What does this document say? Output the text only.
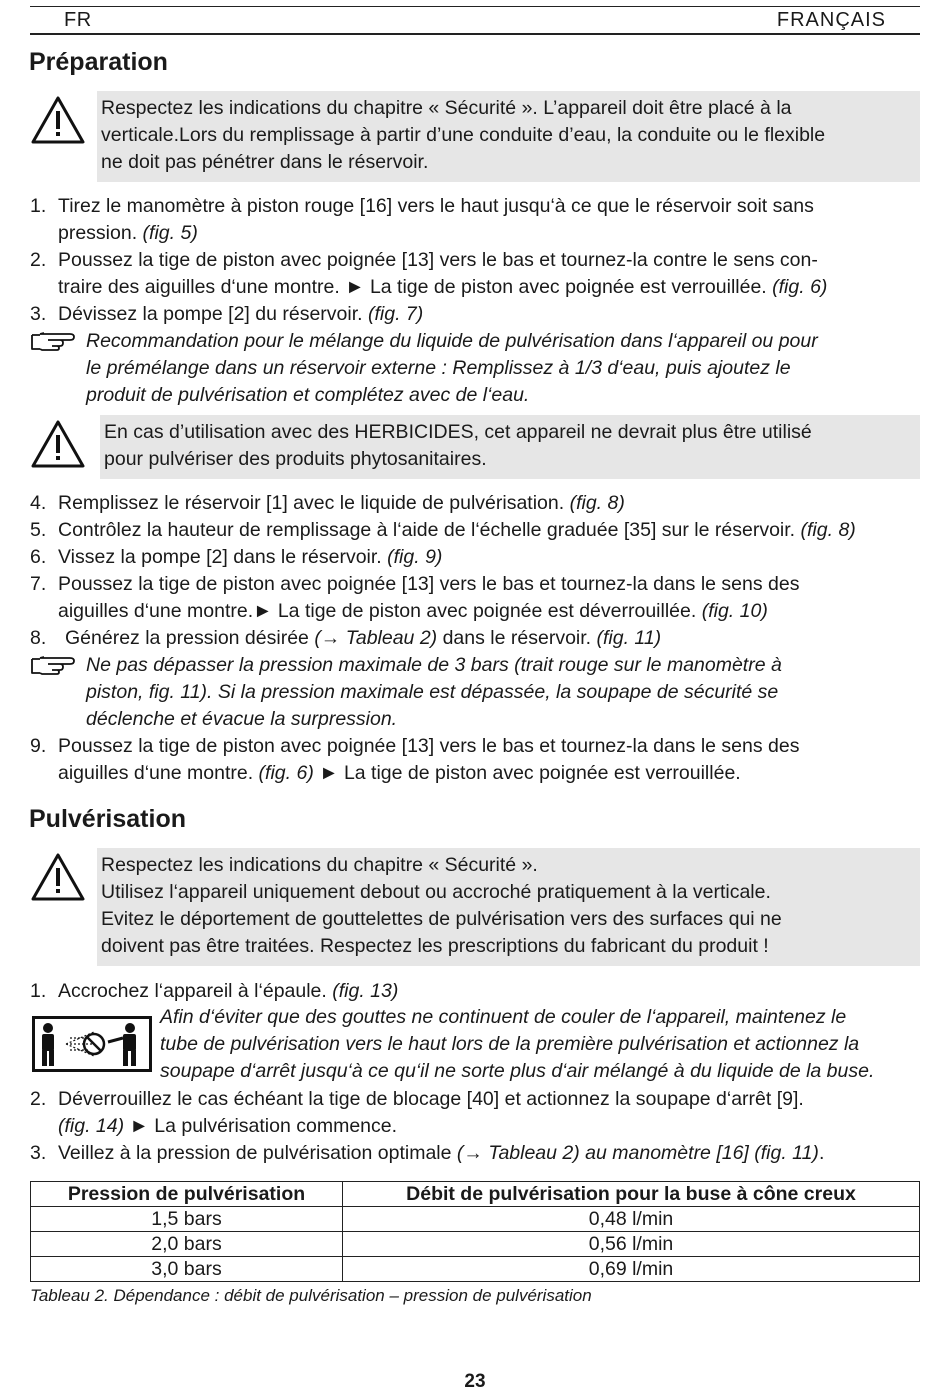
FR	FRANÇAIS
Préparation
Respectez les indications du chapitre « Sécurité ». L’appareil doit être placé à la
verticale.Lors du remplissage à partir d’une conduite d’eau, la conduite ou le flexible
ne doit pas pénétrer dans le réservoir.
1. Tirez le manomètre à piston rouge [16] vers le haut jusqu‘à ce que le réservoir soit sans
pression. (fig. 5)
2. Poussez la tige de piston avec poignée [13] vers le bas et tournez-la contre le sens con-
traire des aiguilles d‘une montre. ► La tige de piston avec poignée est verrouillée. (fig. 6)
3. Dévissez la pompe [2] du réservoir. (fig. 7)
Recommandation pour le mélange du liquide de pulvérisation dans l‘appareil ou pour
le prémélange dans un réservoir externe : Remplissez à 1/3 d‘eau, puis ajoutez le
produit de pulvérisation et complétez avec de l‘eau.
En cas d’utilisation avec des HERBICIDES, cet appareil ne devrait plus être utilisé
pour pulvériser des produits phytosanitaires.
4. Remplissez le réservoir [1] avec le liquide de pulvérisation. (fig. 8)
5. Contrôlez la hauteur de remplissage à l‘aide de l‘échelle graduée [35] sur le réservoir. (fig. 8)
6. Vissez la pompe [2] dans le réservoir. (fig. 9)
7. Poussez la tige de piston avec poignée [13] vers le bas et tournez-la dans le sens des
aiguilles d‘une montre.► La tige de piston avec poignée est déverrouillée. (fig. 10)
8. Générez la pression désirée (→ Tableau 2) dans le réservoir. (fig. 11)
Ne pas dépasser la pression maximale de 3 bars (trait rouge sur le manomètre à
piston, fig. 11). Si la pression maximale est dépassée, la soupape de sécurité se
déclenche et évacue la surpression.
9. Poussez la tige de piston avec poignée [13] vers le bas et tournez-la dans le sens des
aiguilles d‘une montre. (fig. 6) ► La tige de piston avec poignée est verrouillée.
Pulvérisation
Respectez les indications du chapitre « Sécurité ».
Utilisez l‘appareil uniquement debout ou accroché pratiquement à la verticale.
Evitez le déportement de gouttelettes de pulvérisation vers des surfaces qui ne
doivent pas être traitées. Respectez les prescriptions du fabricant du produit !
1. Accrochez l‘appareil à l‘épaule. (fig. 13)
Afin d‘éviter que des gouttes ne continuent de couler de l‘appareil, maintenez le
tube de pulvérisation vers le haut lors de la première pulvérisation et actionnez la
soupape d‘arrêt jusqu‘à ce qu‘il ne sorte plus d‘air mélangé à du liquide de la buse.
2. Déverrouillez le cas échéant la tige de blocage [40] et actionnez la soupape d‘arrêt [9].
(fig. 14) ► La pulvérisation commence.
3. Veillez à la pression de pulvérisation optimale (→ Tableau 2) au manomètre [16] (fig. 11).
Pression de pulvérisation	Débit de pulvérisation pour la buse à cône creux
1,5 bars	0,48 l/min
2,0 bars	0,56 l/min
3,0 bars	0,69 l/min
Tableau 2. Dépendance : débit de pulvérisation – pression de pulvérisation
23
